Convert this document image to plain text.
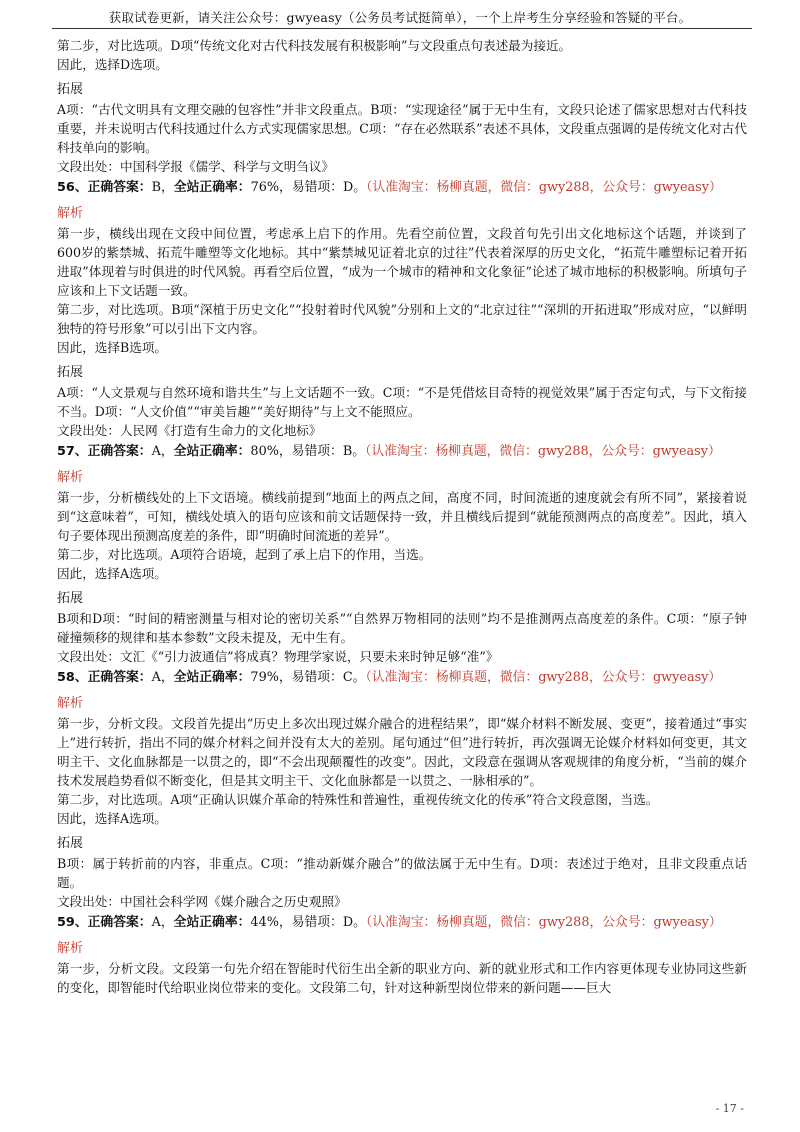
获取试卷更新，请关注公众号：gwyeasy（公务员考试挺简单），一个上岸考生分享经验和答疑的平台。

第二步，对比选项。D项“传统文化对古代科技发展有积极影响”与文段重点句表述最为接近。

因此，选择D选项。

拓展

A项：“古代文明具有文理交融的包容性”并非文段重点。B项：“实现途径”属于无中生有，文段只论述了儒家思想对古代科技重要，并未说明古代科技通过什么方式实现儒家思想。C项：“存在必然联系”表述不具体，文段重点强调的是传统文化对古代科技单向的影响。

文段出处：中国科学报《儒学、科学与文明刍议》

56、正确答案：B，全站正确率：76%，易错项：D。（认准淘宝：杨柳真题，微信：gwy288，公众号：gwyeasy）
解析

第一步，横线出现在文段中间位置，考虑承上启下的作用。先看空前位置，文段首句先引出文化地标这个话题，并谈到了600岁的紫禁城、拓荒牛雕塑等文化地标。其中“紫禁城见证着北京的过往”代表着深厚的历史文化，“拓荒牛雕塑标记着开拓进取”体现着与时俱进的时代风貌。再看空后位置，“成为一个城市的精神和文化象征”论述了城市地标的积极影响。所填句子应该和上下文话题一致。

第二步，对比选项。B项“深植于历史文化”“投射着时代风貌”分别和上文的“北京过往”“深圳的开拓进取”形成对应，“以鲜明独特的符号形象”可以引出下文内容。

因此，选择B选项。

拓展

A项：“人文景观与自然环境和谐共生”与上文话题不一致。C项：“不是凭借炫目奇特的视觉效果”属于否定句式，与下文衔接不当。D项：“人文价值”“审美旨趣”“美好期待”与上文不能照应。

文段出处：人民网《打造有生命力的文化地标》

57、正确答案：A，全站正确率：80%，易错项：B。（认准淘宝：杨柳真题，微信：gwy288，公众号：gwyeasy）
解析

第一步，分析横线处的上下文语境。横线前提到“地面上的两点之间，高度不同，时间流逝的速度就会有所不同”，紧接着说到“这意味着”，可知，横线处填入的语句应该和前文话题保持一致，并且横线后提到“就能预测两点的高度差”。因此，填入句子要体现出预测高度差的条件，即“明确时间流逝的差异”。

第二步，对比选项。A项符合语境，起到了承上启下的作用，当选。

因此，选择A选项。

拓展

B项和D项：“时间的精密测量与相对论的密切关系”“自然界万物相同的法则”均不是推测两点高度差的条件。C项：“原子钟碰撞频移的规律和基本参数”文段未提及，无中生有。

文段出处：文汇《“引力波通信”将成真？物理学家说，只要未来时钟足够“准”》

58、正确答案：A，全站正确率：79%，易错项：C。（认准淘宝：杨柳真题，微信：gwy288，公众号：gwyeasy）
解析

第一步，分析文段。文段首先提出“历史上多次出现过媒介融合的进程结果”，即“媒介材料不断发展、变更”，接着通过“事实上”进行转折，指出不同的媒介材料之间并没有太大的差别。尾句通过“但”进行转折，再次强调无论媒介材料如何变更，其文明主干、文化血脉都是一以贯之的，即“不会出现颠覆性的改变”。因此，文段意在强调从客观规律的角度分析，“当前的媒介技术发展趋势看似不断变化，但是其文明主干、文化血脉都是一以贯之、一脉相承的”。

第二步，对比选项。A项“正确认识媒介革命的特殊性和普遍性，重视传统文化的传承”符合文段意图，当选。

因此，选择A选项。

拓展

B项：属于转折前的内容，非重点。C项：“推动新媒介融合”的做法属于无中生有。D项：表述过于绝对，且非文段重点话题。

文段出处：中国社会科学网《媒介融合之历史观照》

59、正确答案：A，全站正确率：44%，易错项：D。（认准淘宝：杨柳真题，微信：gwy288，公众号：gwyeasy）
解析

第一步，分析文段。文段第一句先介绍在智能时代衍生出全新的职业方向、新的就业形式和工作内容更体现专业协同这些新的变化，即智能时代给职业岗位带来的变化。文段第二句，针对这种新型岗位带来的新问题——巨大

- 17 -
